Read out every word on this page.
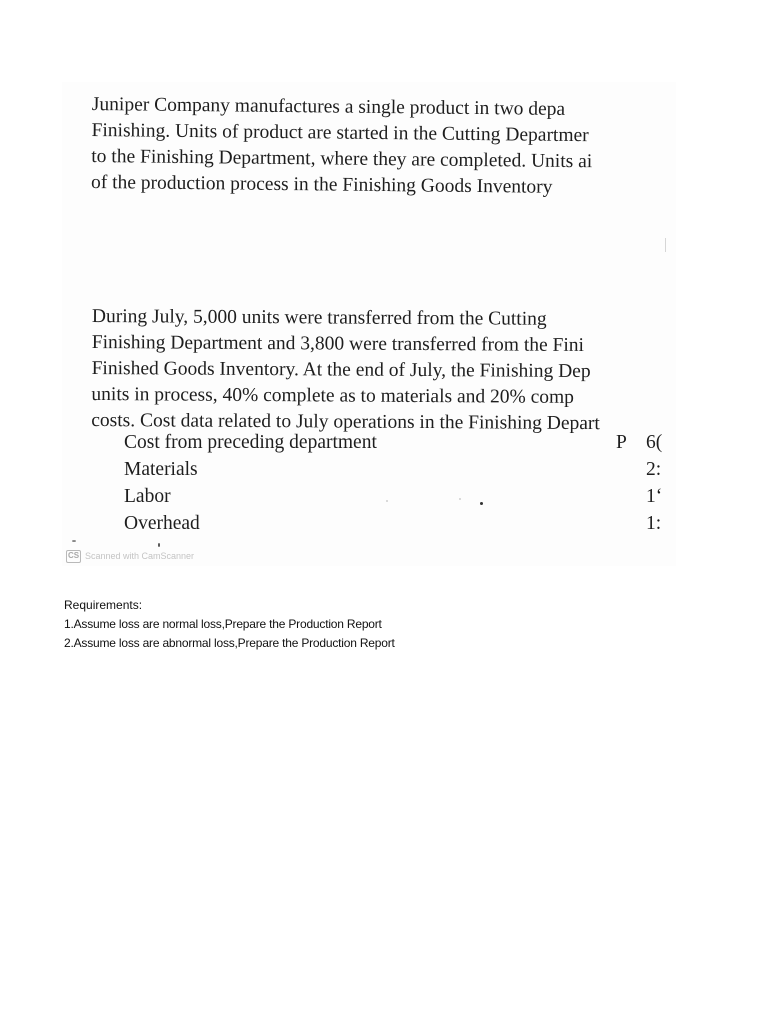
Juniper Company manufactures a single product in two depa
Finishing. Units of product are started in the Cutting Departmer
to the Finishing Department, where they are completed. Units ai
of the production process in the Finishing Goods Inventory
During July, 5,000 units were transferred from the Cutting
Finishing Department and 3,800 were transferred from the Fini
Finished Goods Inventory. At the end of July, the Finishing Dep
units in process, 40% complete as to materials and 20% comp
costs. Cost data related to July operations in the Finishing Depart
Cost from preceding department	P 6(
Materials	2:
Labor	1ʻ
Overhead	1:
CS Scanned with CamScanner
Requirements:
1.Assume loss are normal loss,Prepare the Production Report
2.Assume loss are abnormal loss,Prepare the Production Report
